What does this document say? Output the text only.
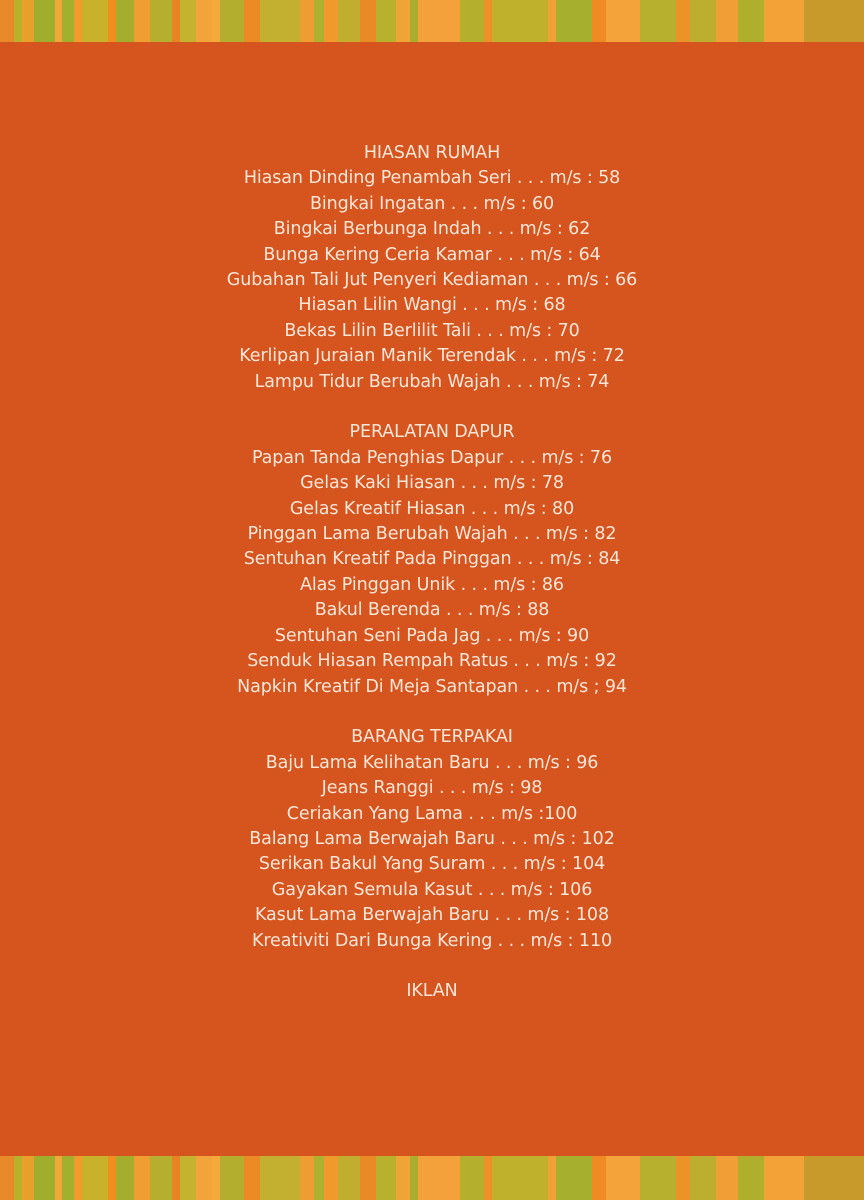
HIASAN RUMAH
Hiasan Dinding Penambah Seri . . . m/s : 58
Bingkai Ingatan . . . m/s : 60
Bingkai Berbunga Indah . . . m/s : 62
Bunga Kering Ceria Kamar . . . m/s : 64
Gubahan Tali Jut Penyeri Kediaman . . . m/s : 66
Hiasan Lilin Wangi . . . m/s : 68
Bekas Lilin Berlilit Tali . . . m/s : 70
Kerlipan Juraian Manik Terendak . . . m/s : 72
Lampu Tidur Berubah Wajah . . . m/s : 74
PERALATAN DAPUR
Papan Tanda Penghias Dapur . . . m/s : 76
Gelas Kaki Hiasan . . . m/s : 78
Gelas Kreatif Hiasan . . . m/s : 80
Pinggan Lama Berubah Wajah . . . m/s : 82
Sentuhan Kreatif Pada Pinggan . . . m/s : 84
Alas Pinggan Unik . . . m/s : 86
Bakul Berenda . . . m/s : 88
Sentuhan Seni Pada Jag . . . m/s : 90
Senduk Hiasan Rempah Ratus . . . m/s : 92
Napkin Kreatif Di Meja Santapan . . . m/s ; 94
BARANG TERPAKAI
Baju Lama Kelihatan Baru . . . m/s : 96
Jeans Ranggi . . . m/s : 98
Ceriakan Yang Lama . . . m/s :100
Balang Lama Berwajah Baru . . . m/s : 102
Serikan Bakul Yang Suram . . . m/s : 104
Gayakan Semula Kasut . . . m/s : 106
Kasut Lama Berwajah Baru . . . m/s : 108
Kreativiti Dari Bunga Kering . . . m/s : 110
IKLAN
